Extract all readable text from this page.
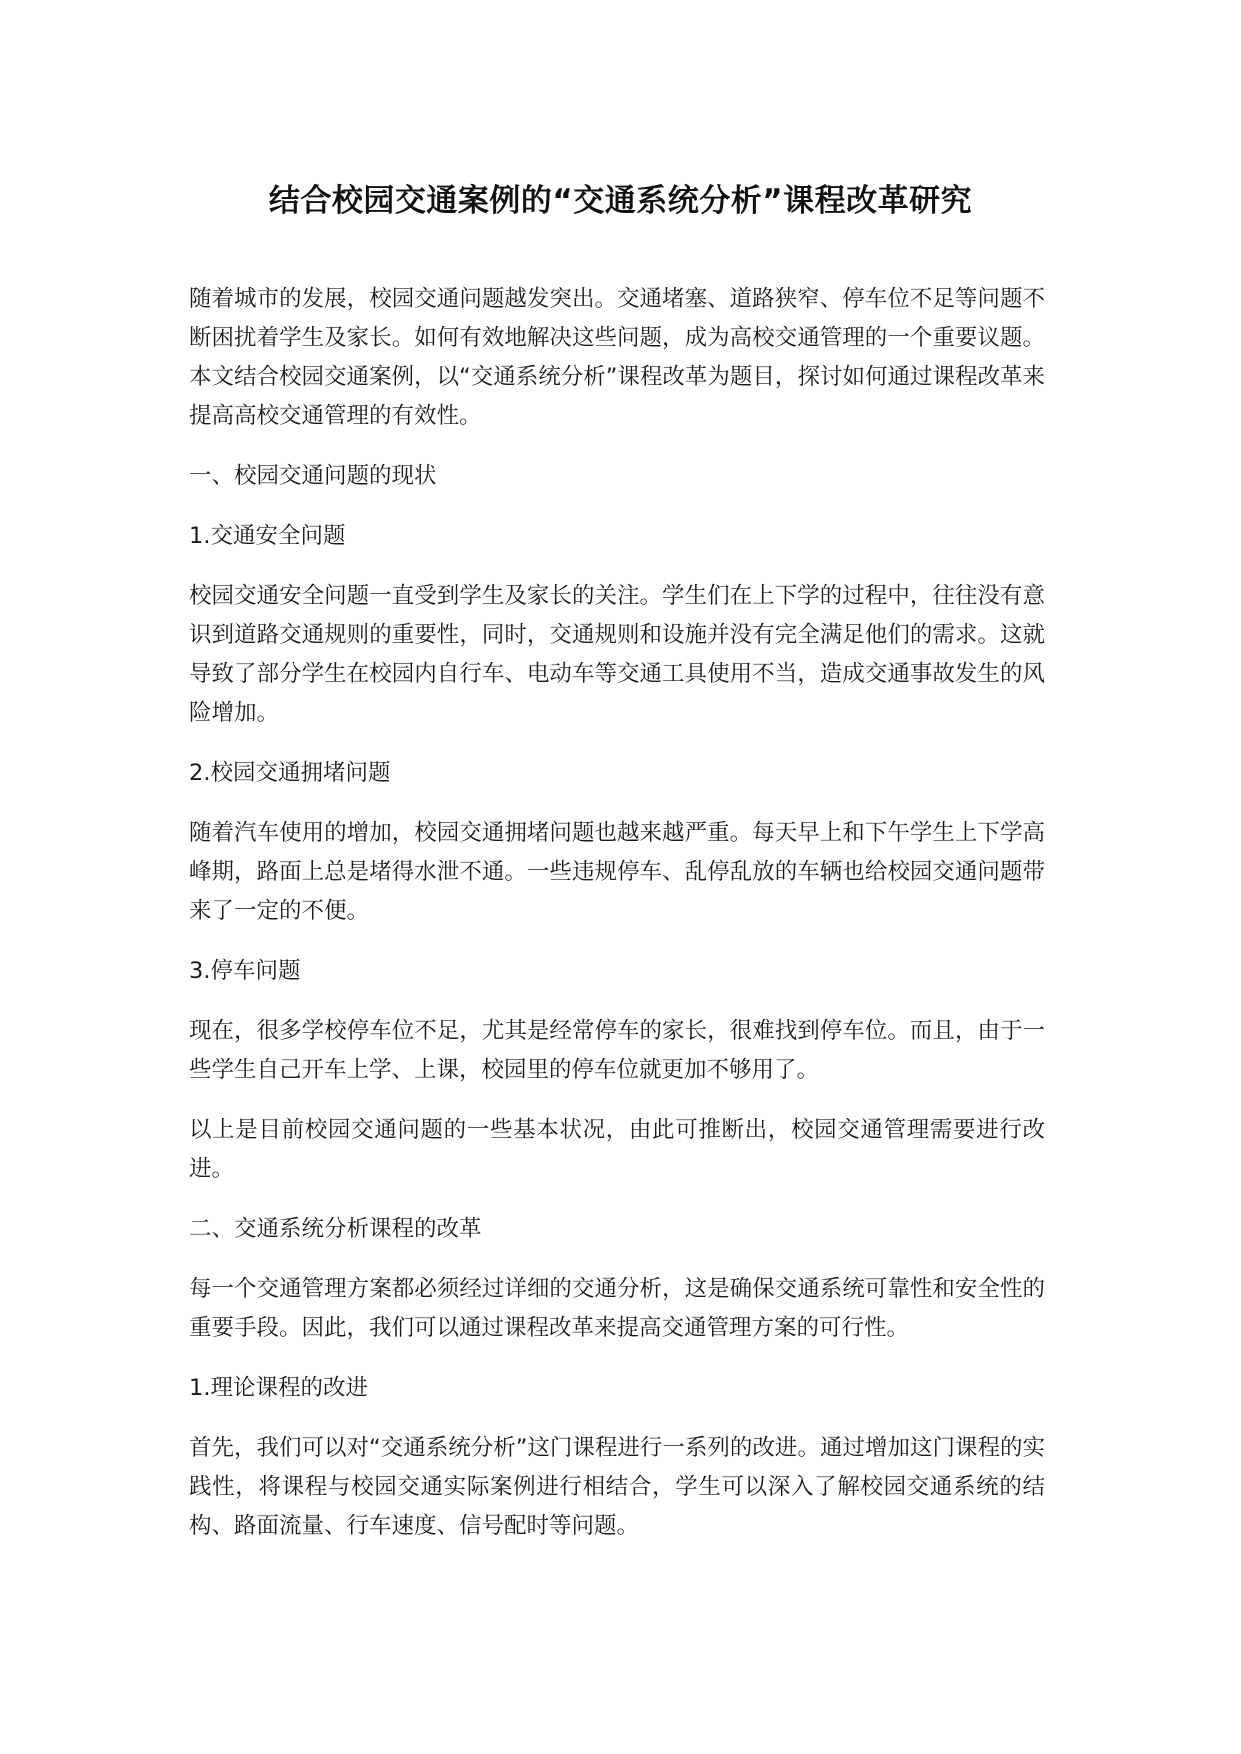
结合校园交通案例的“交通系统分析”课程改革研究

随着城市的发展，校园交通问题越发突出。交通堵塞、道路狭窄、停车位不足等问题不断困扰着学生及家长。如何有效地解决这些问题，成为高校交通管理的一个重要议题。本文结合校园交通案例，以“交通系统分析”课程改革为题目，探讨如何通过课程改革来提高高校交通管理的有效性。

一、校园交通问题的现状

1.交通安全问题

校园交通安全问题一直受到学生及家长的关注。学生们在上下学的过程中，往往没有意识到道路交通规则的重要性，同时，交通规则和设施并没有完全满足他们的需求。这就导致了部分学生在校园内自行车、电动车等交通工具使用不当，造成交通事故发生的风险增加。

2.校园交通拥堵问题

随着汽车使用的增加，校园交通拥堵问题也越来越严重。每天早上和下午学生上下学高峰期，路面上总是堵得水泄不通。一些违规停车、乱停乱放的车辆也给校园交通问题带来了一定的不便。

3.停车问题

现在，很多学校停车位不足，尤其是经常停车的家长，很难找到停车位。而且，由于一些学生自己开车上学、上课，校园里的停车位就更加不够用了。

以上是目前校园交通问题的一些基本状况，由此可推断出，校园交通管理需要进行改进。

二、交通系统分析课程的改革

每一个交通管理方案都必须经过详细的交通分析，这是确保交通系统可靠性和安全性的重要手段。因此，我们可以通过课程改革来提高交通管理方案的可行性。

1.理论课程的改进

首先，我们可以对“交通系统分析”这门课程进行一系列的改进。通过增加这门课程的实践性，将课程与校园交通实际案例进行相结合，学生可以深入了解校园交通系统的结构、路面流量、行车速度、信号配时等问题。
